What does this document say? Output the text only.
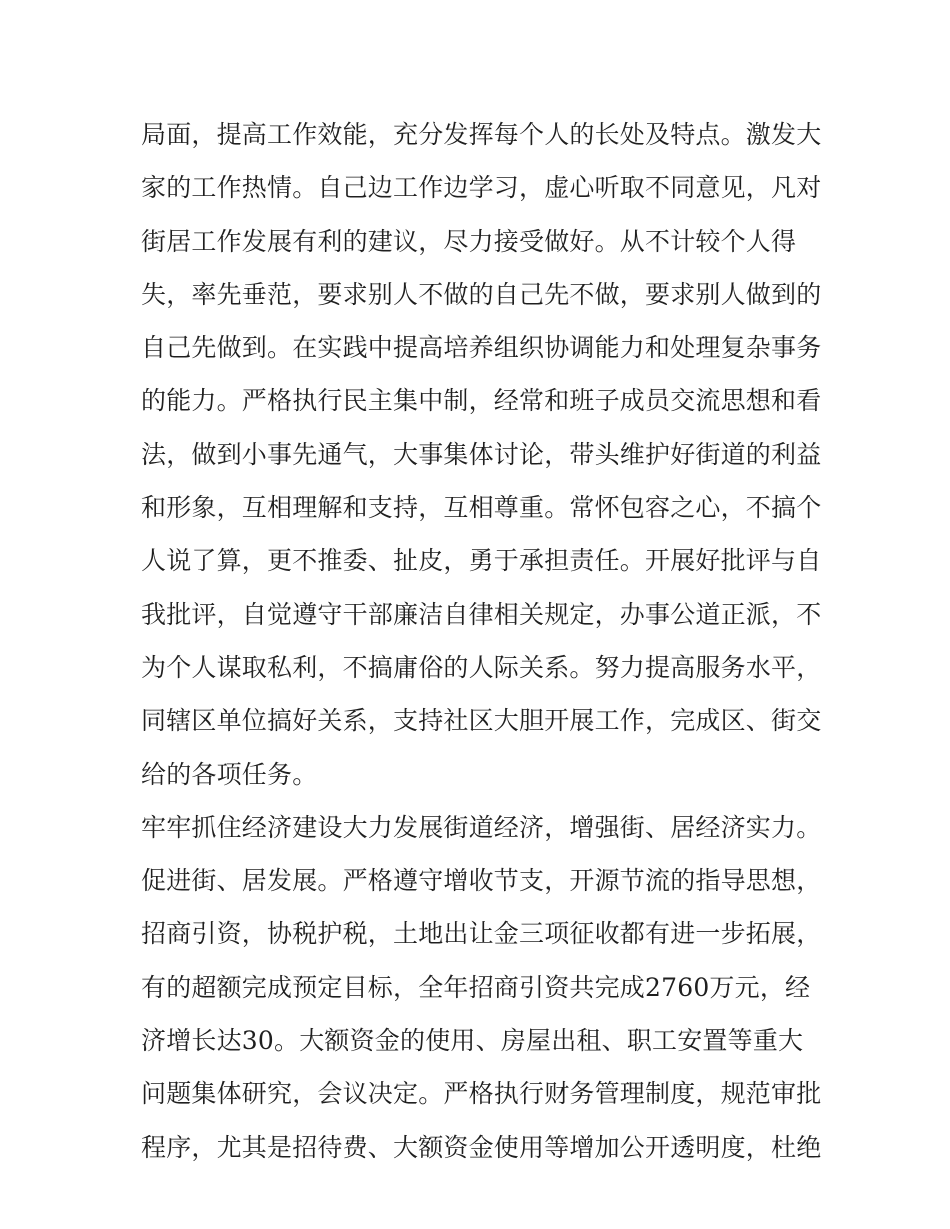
局面，提高工作效能，充分发挥每个人的长处及特点。激发大
家的工作热情。自己边工作边学习，虚心听取不同意见，凡对
街居工作发展有利的建议，尽力接受做好。从不计较个人得
失，率先垂范，要求别人不做的自己先不做，要求别人做到的
自己先做到。在实践中提高培养组织协调能力和处理复杂事务
的能力。严格执行民主集中制，经常和班子成员交流思想和看
法，做到小事先通气，大事集体讨论，带头维护好街道的利益
和形象，互相理解和支持，互相尊重。常怀包容之心，不搞个
人说了算，更不推委、扯皮，勇于承担责任。开展好批评与自
我批评，自觉遵守干部廉洁自律相关规定，办事公道正派，不
为个人谋取私利，不搞庸俗的人际关系。努力提高服务水平，
同辖区单位搞好关系，支持社区大胆开展工作，完成区、街交
给的各项任务。
牢牢抓住经济建设大力发展街道经济，增强街、居经济实力。
促进街、居发展。严格遵守增收节支，开源节流的指导思想，
招商引资，协税护税，土地出让金三项征收都有进一步拓展，
有的超额完成预定目标，全年招商引资共完成2760万元，经
济增长达30。大额资金的使用、房屋出租、职工安置等重大
问题集体研究，会议决定。严格执行财务管理制度，规范审批
程序，尤其是招待费、大额资金使用等增加公开透明度，杜绝
